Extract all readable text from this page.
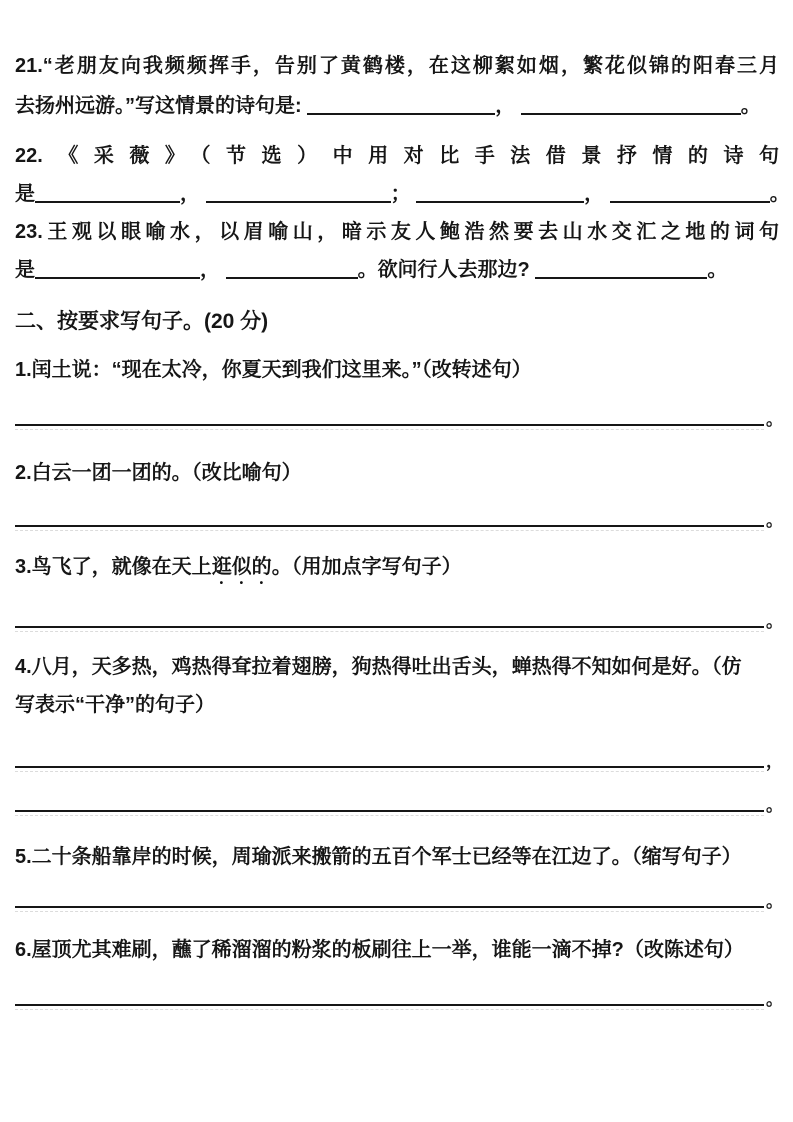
21.“老朋友向我频频挥手，告别了黄鹤楼，在这柳絮如烟，繁花似锦的阳春三月
去扬州远游。”写这情景的诗句是:	，	。
22.《采薇》（节选）中用对比手法借景抒情的诗句
是	，	；	，	。
23.王观以眼喻水，以眉喻山，暗示友人鲍浩然要去山水交汇之地的词句
是	，	。欲问行人去那边?	。
二、按要求写句子。(20 分)
1.闰土说：“现在太冷，你夏天到我们这里来。”（改转述句）
。
2.白云一团一团的。（改比喻句）
。
3.鸟飞了，就像在天上逛似的。（用加点字写句子）
。
4.八月，天多热，鸡热得耷拉着翅膀，狗热得吐出舌头，蝉热得不知如何是好。（仿
写表示“干净”的句子）
，
。
5.二十条船靠岸的时候，周瑜派来搬箭的五百个军士已经等在江边了。（缩写句子）
。
6.屋顶尤其难刷，蘸了稀溜溜的粉浆的板刷往上一举，谁能一滴不掉?（改陈述句）
。
